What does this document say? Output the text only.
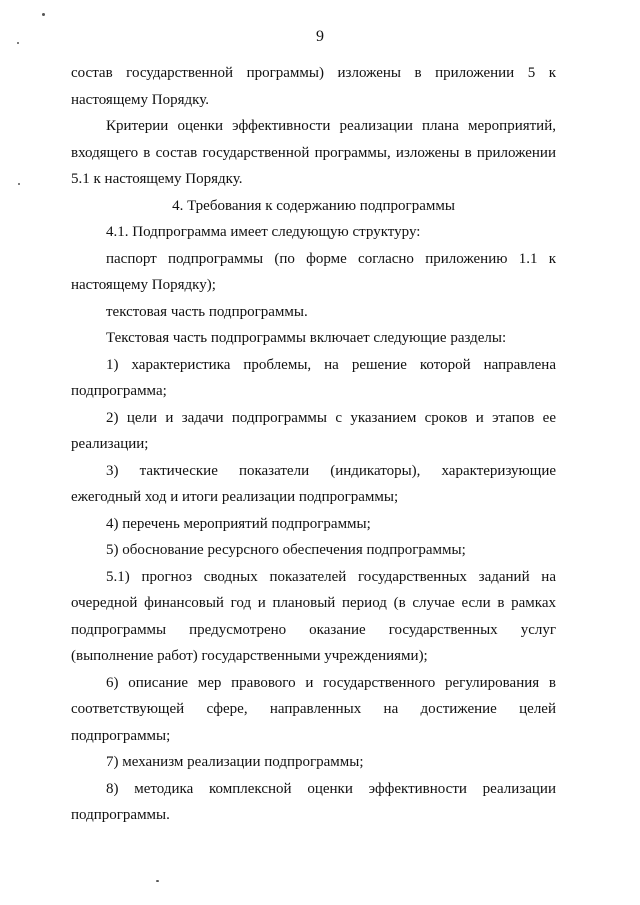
9

состав государственной программы) изложены в приложении 5 к настоящему Порядку.

Критерии оценки эффективности реализации плана мероприятий, входящего в состав государственной программы, изложены в приложении 5.1 к настоящему Порядку.

4. Требования к содержанию подпрограммы

4.1. Подпрограмма имеет следующую структуру:

паспорт подпрограммы (по форме согласно приложению 1.1 к настоящему Порядку);

текстовая часть подпрограммы.

Текстовая часть подпрограммы включает следующие разделы:

1) характеристика проблемы, на решение которой направлена подпрограмма;

2) цели и задачи подпрограммы с указанием сроков и этапов ее реализации;

3) тактические показатели (индикаторы), характеризующие ежегодный ход и итоги реализации подпрограммы;

4) перечень мероприятий подпрограммы;

5) обоснование ресурсного обеспечения подпрограммы;

5.1) прогноз сводных показателей государственных заданий на очередной финансовый год и плановый период (в случае если в рамках подпрограммы предусмотрено оказание государственных услуг (выполнение работ) государственными учреждениями);

6) описание мер правового и государственного регулирования в соответствующей сфере, направленных на достижение целей подпрограммы;

7) механизм реализации подпрограммы;

8) методика комплексной оценки эффективности реализации подпрограммы.
